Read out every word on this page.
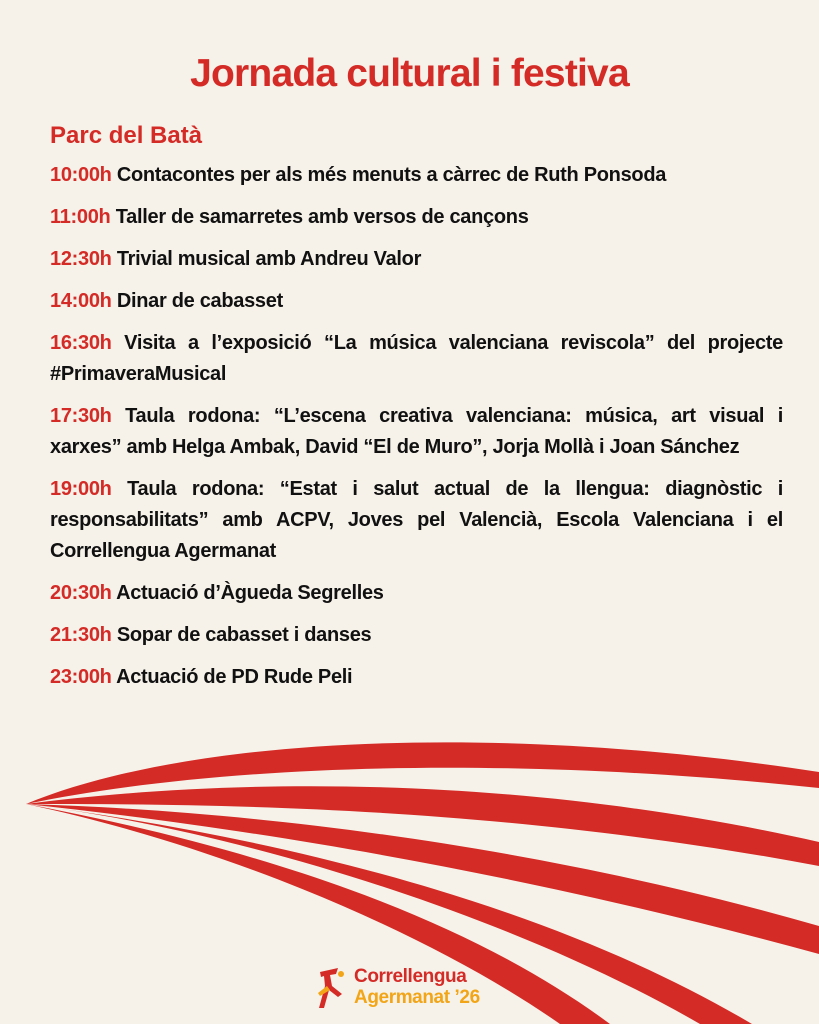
Jornada cultural i festiva
Parc del Batà
10:00h Contacontes per als més menuts a càrrec de Ruth Ponsoda
11:00h Taller de samarretes amb versos de cançons
12:30h Trivial musical amb Andreu Valor
14:00h Dinar de cabasset
16:30h Visita a l’exposició “La música valenciana reviscola” del projecte #PrimaveraMusical
17:30h Taula rodona: “L’escena creativa valenciana: música, art visual i xarxes” amb Helga Ambak, David “El de Muro”, Jorja Mollà i Joan Sánchez
19:00h Taula rodona: “Estat i salut actual de la llengua: diagnòstic i responsabilitats” amb ACPV, Joves pel Valencià, Escola Valenciana i el Correllengua Agermanat
20:30h Actuació d’Àgueda Segrelles
21:30h Sopar de cabasset i danses
23:00h Actuació de PD Rude Peli
Correllengua
Agermanat ’26
